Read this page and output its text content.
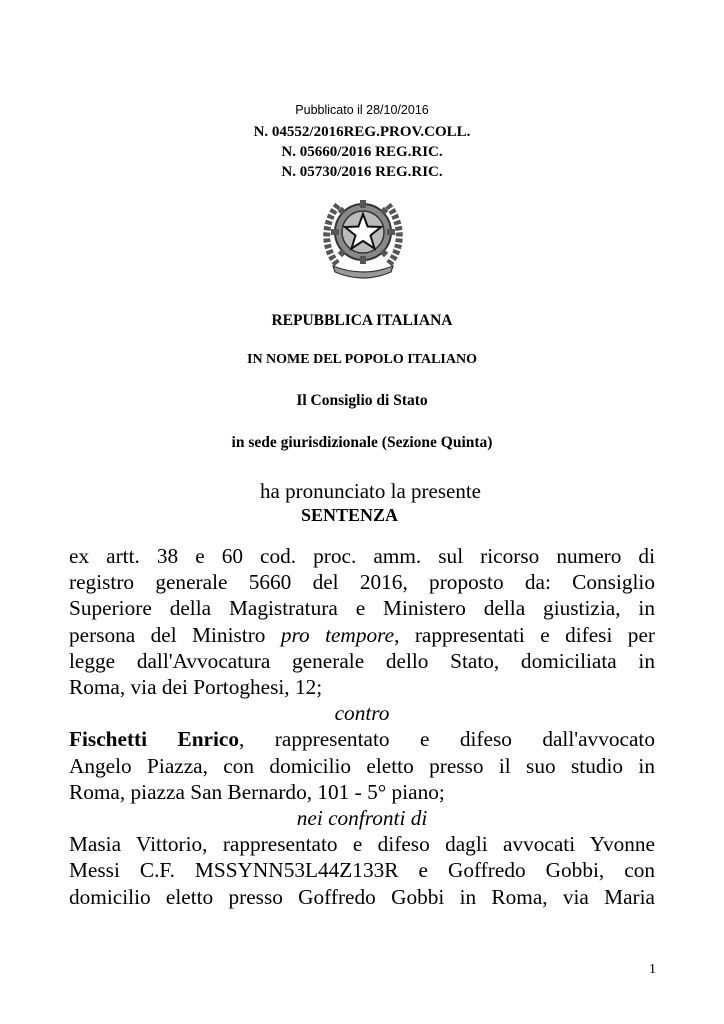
Pubblicato il 28/10/2016
N. 04552/2016REG.PROV.COLL.
N. 05660/2016 REG.RIC.
N. 05730/2016 REG.RIC.
REPUBBLICA ITALIANA
IN NOME DEL POPOLO ITALIANO
Il Consiglio di Stato
in sede giurisdizionale (Sezione Quinta)
ha pronunciato la presente
SENTENZA
ex artt. 38 e 60 cod. proc. amm. sul ricorso numero di
registro generale 5660 del 2016, proposto da: Consiglio
Superiore della Magistratura e Ministero della giustizia, in
persona del Ministro pro tempore, rappresentati e difesi per
legge dall'Avvocatura generale dello Stato, domiciliata in
Roma, via dei Portoghesi, 12;
contro
Fischetti Enrico, rappresentato e difeso dall'avvocato
Angelo Piazza, con domicilio eletto presso il suo studio in
Roma, piazza San Bernardo, 101 - 5° piano;
nei confronti di
Masia Vittorio, rappresentato e difeso dagli avvocati Yvonne
Messi C.F. MSSYNN53L44Z133R e Goffredo Gobbi, con
domicilio eletto presso Goffredo Gobbi in Roma, via Maria
1
